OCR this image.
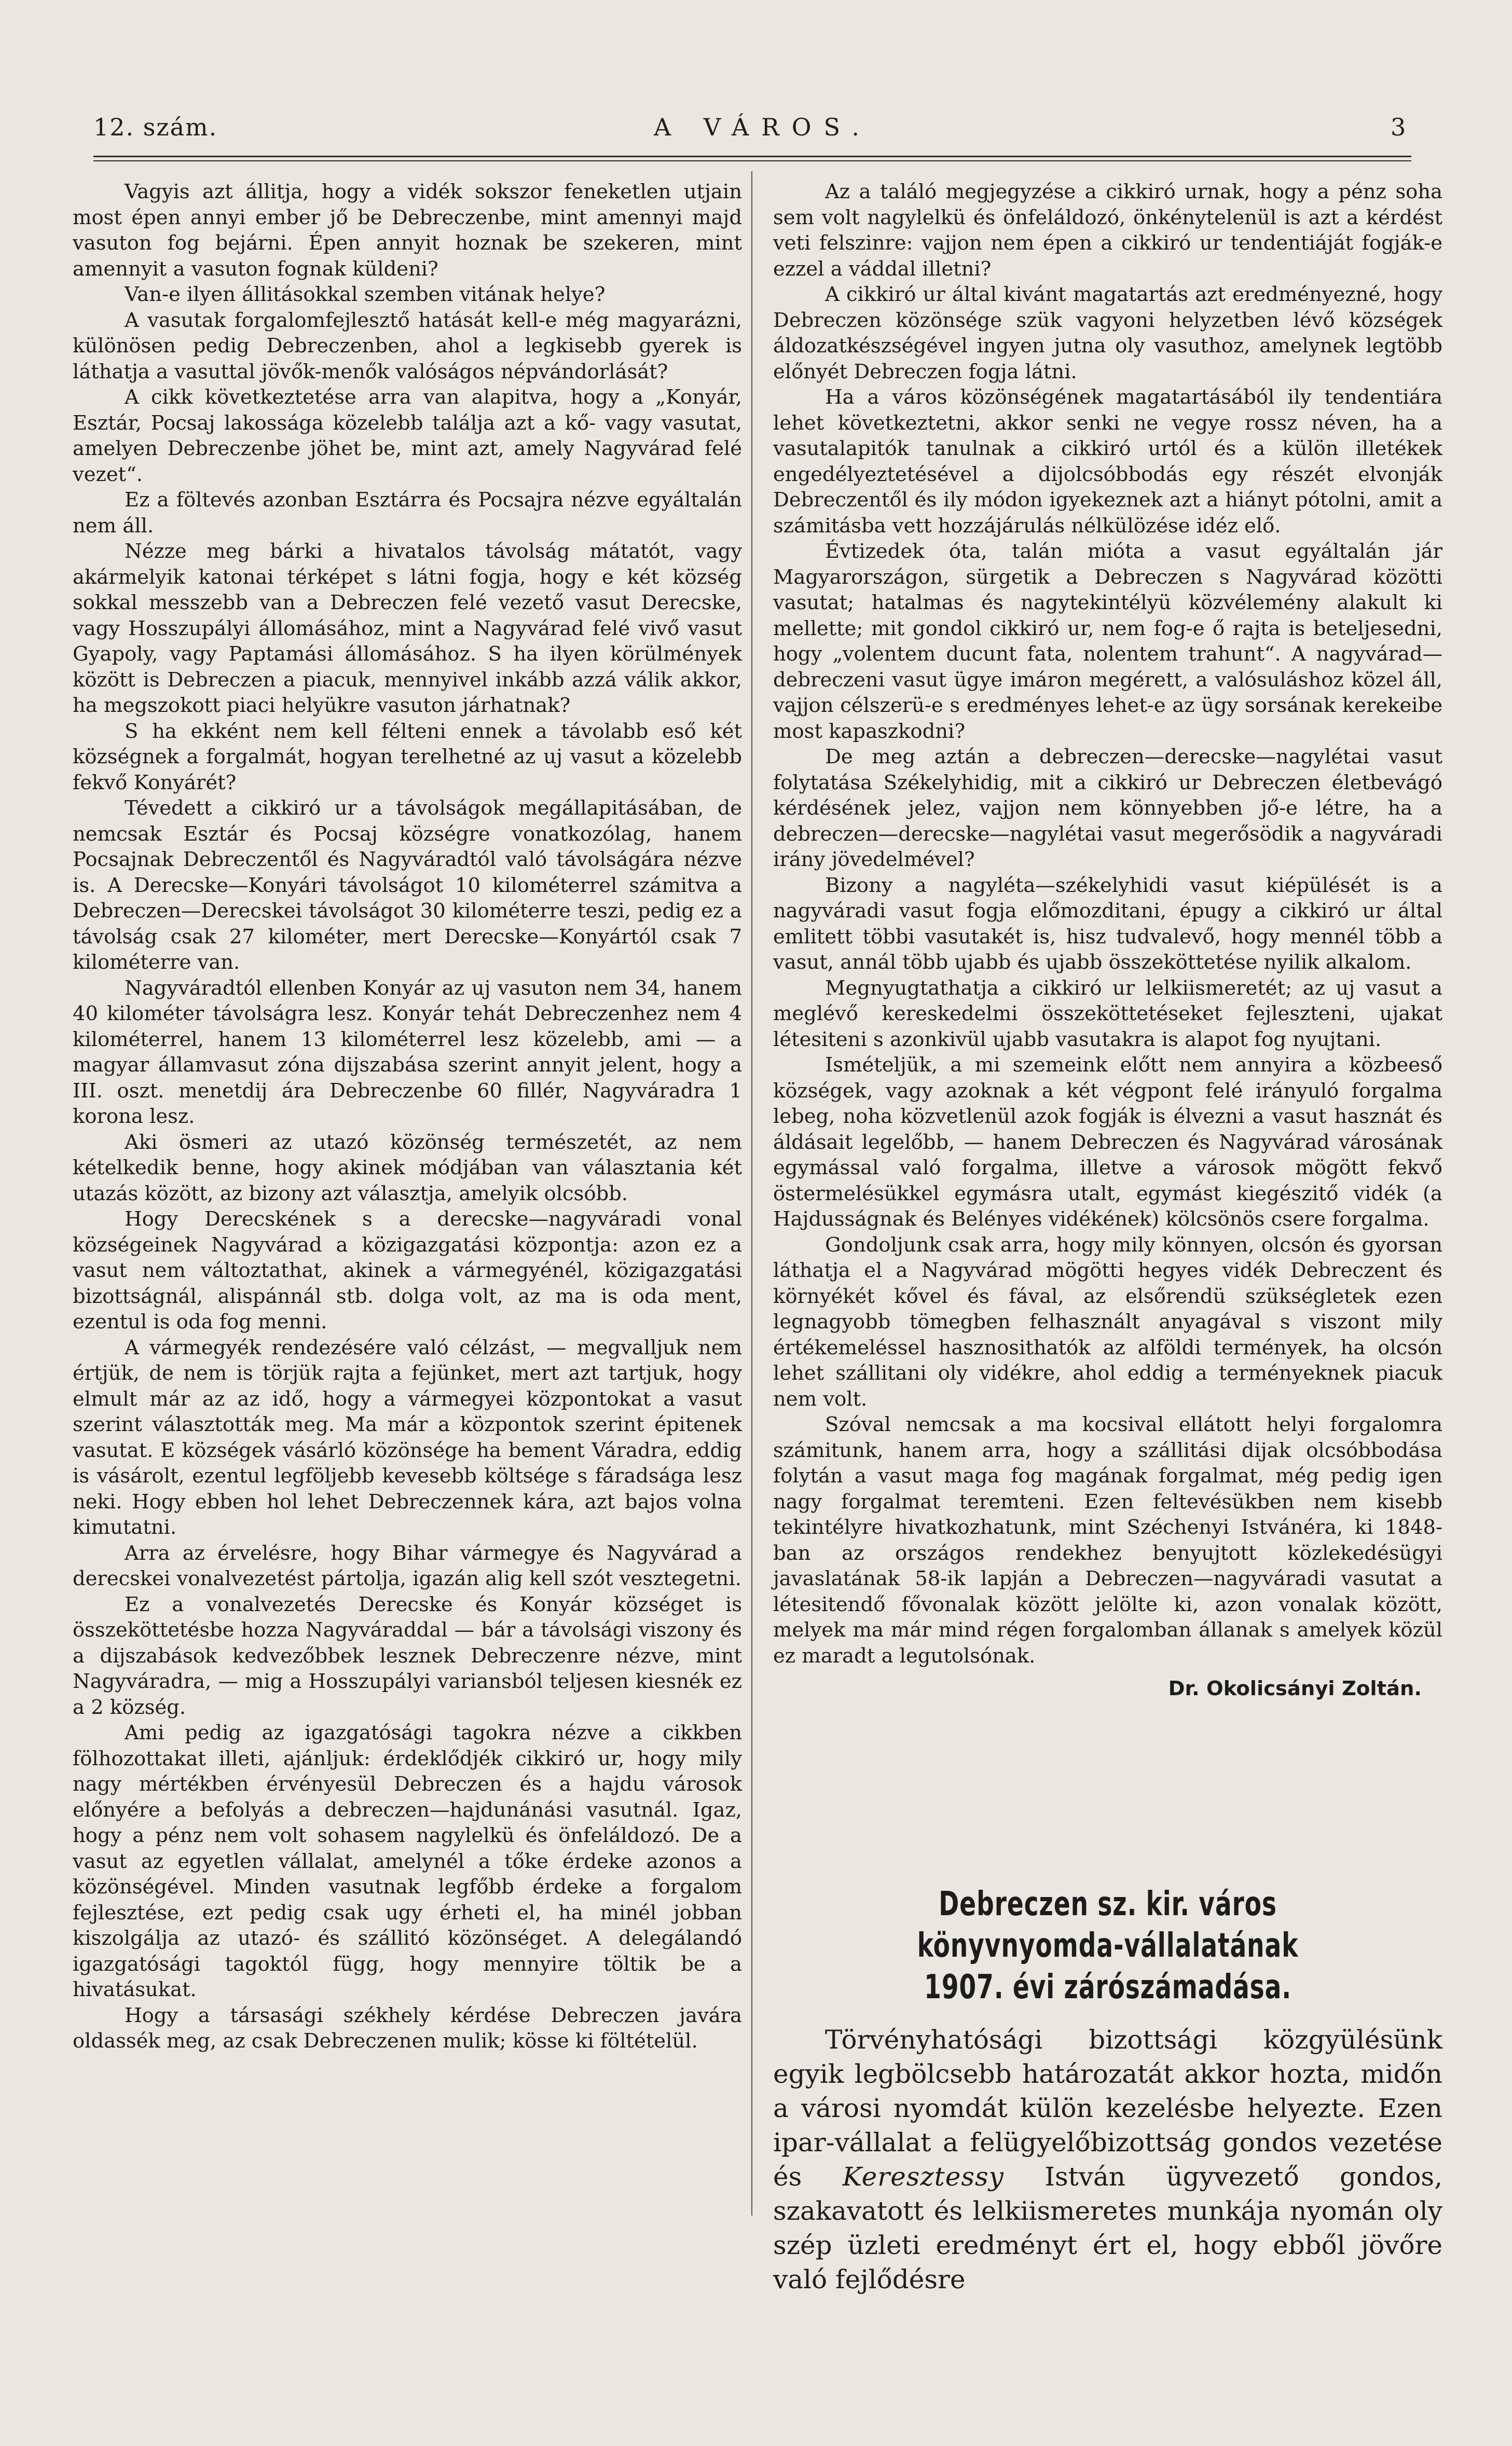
12. szám.	A VÁROS.	3

Vagyis azt állitja, hogy a vidék sokszor feneketlen utjain most épen annyi ember jő be Debreczenbe, mint amennyi majd vasuton fog bejárni. Épen annyit hoznak be szekeren, mint amennyit a vasuton fognak küldeni?

Van-e ilyen állitásokkal szemben vitának helye?

A vasutak forgalomfejlesztő hatását kell-e még magyarázni, különösen pedig Debreczenben, ahol a legkisebb gyerek is láthatja a vasuttal jövők-menők valóságos népvándorlását?

A cikk következtetése arra van alapitva, hogy a „Konyár, Esztár, Pocsaj lakossága közelebb találja azt a kő- vagy vasutat, amelyen Debreczenbe jöhet be, mint azt, amely Nagyvárad felé vezet“.

Ez a föltevés azonban Esztárra és Pocsajra nézve egyáltalán nem áll.

Nézze meg bárki a hivatalos távolság mátatót, vagy akármelyik katonai térképet s látni fogja, hogy e két község sokkal messzebb van a Debreczen felé vezető vasut Derecske, vagy Hosszupályi állomásához, mint a Nagyvárad felé vivő vasut Gyapoly, vagy Paptamási állomásához. S ha ilyen körülmények között is Debreczen a piacuk, mennyivel inkább azzá válik akkor, ha megszokott piaci helyükre vasuton járhatnak?

S ha ekként nem kell félteni ennek a távolabb eső két községnek a forgalmát, hogyan terelhetné az uj vasut a közelebb fekvő Konyárét?

Tévedett a cikkiró ur a távolságok megállapitásában, de nemcsak Esztár és Pocsaj községre vonatkozólag, hanem Pocsajnak Debreczentől és Nagyváradtól való távolságára nézve is. A Derecske—Konyári távolságot 10 kilométerrel számitva a Debreczen—Derecskei távolságot 30 kilométerre teszi, pedig ez a távolság csak 27 kilométer, mert Derecske—Konyártól csak 7 kilométerre van.

Nagyváradtól ellenben Konyár az uj vasuton nem 34, hanem 40 kilométer távolságra lesz. Konyár tehát Debreczenhez nem 4 kilométerrel, hanem 13 kilométerrel lesz közelebb, ami — a magyar államvasut zóna dijszabása szerint annyit jelent, hogy a III. oszt. menetdij ára Debreczenbe 60 fillér, Nagyváradra 1 korona lesz.

Aki ösmeri az utazó közönség természetét, az nem kételkedik benne, hogy akinek módjában van választania két utazás között, az bizony azt választja, amelyik olcsóbb.

Hogy Derecskének s a derecske—nagyváradi vonal községeinek Nagyvárad a közigazgatási központja: azon ez a vasut nem változtathat, akinek a vármegyénél, közigazgatási bizottságnál, alispánnál stb. dolga volt, az ma is oda ment, ezentul is oda fog menni.

A vármegyék rendezésére való célzást, — megvalljuk nem értjük, de nem is törjük rajta a fejünket, mert azt tartjuk, hogy elmult már az az idő, hogy a vármegyei központokat a vasut szerint választották meg. Ma már a központok szerint épitenek vasutat. E községek vásárló közönsége ha bement Váradra, eddig is vásárolt, ezentul legföljebb kevesebb költsége s fáradsága lesz neki. Hogy ebben hol lehet Debreczennek kára, azt bajos volna kimutatni.

Arra az érvelésre, hogy Bihar vármegye és Nagyvárad a derecskei vonalvezetést pártolja, igazán alig kell szót vesztegetni.

Ez a vonalvezetés Derecske és Konyár községet is összeköttetésbe hozza Nagyváraddal — bár a távolsági viszony és a dijszabások kedvezőbbek lesznek Debreczenre nézve, mint Nagyváradra, — mig a Hosszupályi variansból teljesen kiesnék ez a 2 község.

Ami pedig az igazgatósági tagokra nézve a cikkben fölhozottakat illeti, ajánljuk: érdeklődjék cikkiró ur, hogy mily nagy mértékben érvényesül Debreczen és a hajdu városok előnyére a befolyás a debreczen—hajdunánási vasutnál. Igaz, hogy a pénz nem volt sohasem nagylelkü és önfeláldozó. De a vasut az egyetlen vállalat, amelynél a tőke érdeke azonos a közönségével. Minden vasutnak legfőbb érdeke a forgalom fejlesztése, ezt pedig csak ugy érheti el, ha minél jobban kiszolgálja az utazó- és szállitó közönséget. A delegálandó igazgatósági tagoktól függ, hogy mennyire töltik be a hivatásukat.

Hogy a társasági székhely kérdése Debreczen javára oldassék meg, az csak Debreczenen mulik; kösse ki föltételül.

Az a találó megjegyzése a cikkiró urnak, hogy a pénz soha sem volt nagylelkü és önfeláldozó, önkénytelenül is azt a kérdést veti felszinre: vajjon nem épen a cikkiró ur tendentiáját fogják-e ezzel a váddal illetni?

A cikkiró ur által kivánt magatartás azt eredményezné, hogy Debreczen közönsége szük vagyoni helyzetben lévő községek áldozatkészségével ingyen jutna oly vasuthoz, amelynek legtöbb előnyét Debreczen fogja látni.

Ha a város közönségének magatartásából ily tendentiára lehet következtetni, akkor senki ne vegye rossz néven, ha a vasutalapitók tanulnak a cikkiró urtól és a külön illetékek engedélyeztetésével a dijolcsóbbodás egy részét elvonják Debreczentől és ily módon igyekeznek azt a hiányt pótolni, amit a számitásba vett hozzájárulás nélkülözése idéz elő.

Évtizedek óta, talán mióta a vasut egyáltalán jár Magyarországon, sürgetik a Debreczen s Nagyvárad közötti vasutat; hatalmas és nagytekintélyü közvélemény alakult ki mellette; mit gondol cikkiró ur, nem fog-e ő rajta is beteljesedni, hogy „volentem ducunt fata, nolentem trahunt“. A nagyvárad—debreczeni vasut ügye imáron megérett, a valósuláshoz közel áll, vajjon célszerü-e s eredményes lehet-e az ügy sorsának kerekeibe most kapaszkodni?

De meg aztán a debreczen—derecske—nagylétai vasut folytatása Székelyhidig, mit a cikkiró ur Debreczen életbevágó kérdésének jelez, vajjon nem könnyebben jő-e létre, ha a debreczen—derecske—nagylétai vasut megerősödik a nagyváradi irány jövedelmével?

Bizony a nagyléta—székelyhidi vasut kiépülését is a nagyváradi vasut fogja előmozditani, épugy a cikkiró ur által emlitett többi vasutakét is, hisz tudvalevő, hogy mennél több a vasut, annál több ujabb és ujabb összeköttetése nyilik alkalom.

Megnyugtathatja a cikkiró ur lelkiismeretét; az uj vasut a meglévő kereskedelmi összeköttetéseket fejleszteni, ujakat létesiteni s azonkivül ujabb vasutakra is alapot fog nyujtani.

Ismételjük, a mi szemeink előtt nem annyira a közbeeső községek, vagy azoknak a két végpont felé irányuló forgalma lebeg, noha közvetlenül azok fogják is élvezni a vasut hasznát és áldásait legelőbb, — hanem Debreczen és Nagyvárad városának egymással való forgalma, illetve a városok mögött fekvő östermelésükkel egymásra utalt, egymást kiegészitő vidék (a Hajdusságnak és Belényes vidékének) kölcsönös csere forgalma.

Gondoljunk csak arra, hogy mily könnyen, olcsón és gyorsan láthatja el a Nagyvárad mögötti hegyes vidék Debreczent és környékét kővel és fával, az elsőrendü szükségletek ezen legnagyobb tömegben felhasznált anyagával s viszont mily értékemeléssel hasznosithatók az alföldi termények, ha olcsón lehet szállitani oly vidékre, ahol eddig a terményeknek piacuk nem volt.

Szóval nemcsak a ma kocsival ellátott helyi forgalomra számitunk, hanem arra, hogy a szállitási dijak olcsóbbodása folytán a vasut maga fog magának forgalmat, még pedig igen nagy forgalmat teremteni. Ezen feltevésükben nem kisebb tekintélyre hivatkozhatunk, mint Széchenyi Istvánéra, ki 1848-ban az országos rendekhez benyujtott közlekedésügyi javaslatának 58-ik lapján a Debreczen—nagyváradi vasutat a létesitendő fővonalak között jelölte ki, azon vonalak között, melyek ma már mind régen forgalomban állanak s amelyek közül ez maradt a legutolsónak.

Dr. Okolicsányi Zoltán.

Debreczen sz. kir. város könyvnyomda-vállalatának

1907. évi zárószámadása.

Törvényhatósági bizottsági közgyülésünk egyik legbölcsebb határozatát akkor hozta, midőn a városi nyomdát külön kezelésbe helyezte. Ezen ipar-vállalat a felügyelőbizottság gondos vezetése és Keresztessy István ügyvezető gondos, szakavatott és lelkiismeretes munkája nyomán oly szép üzleti eredményt ért el, hogy ebből jövőre való fejlődésre
